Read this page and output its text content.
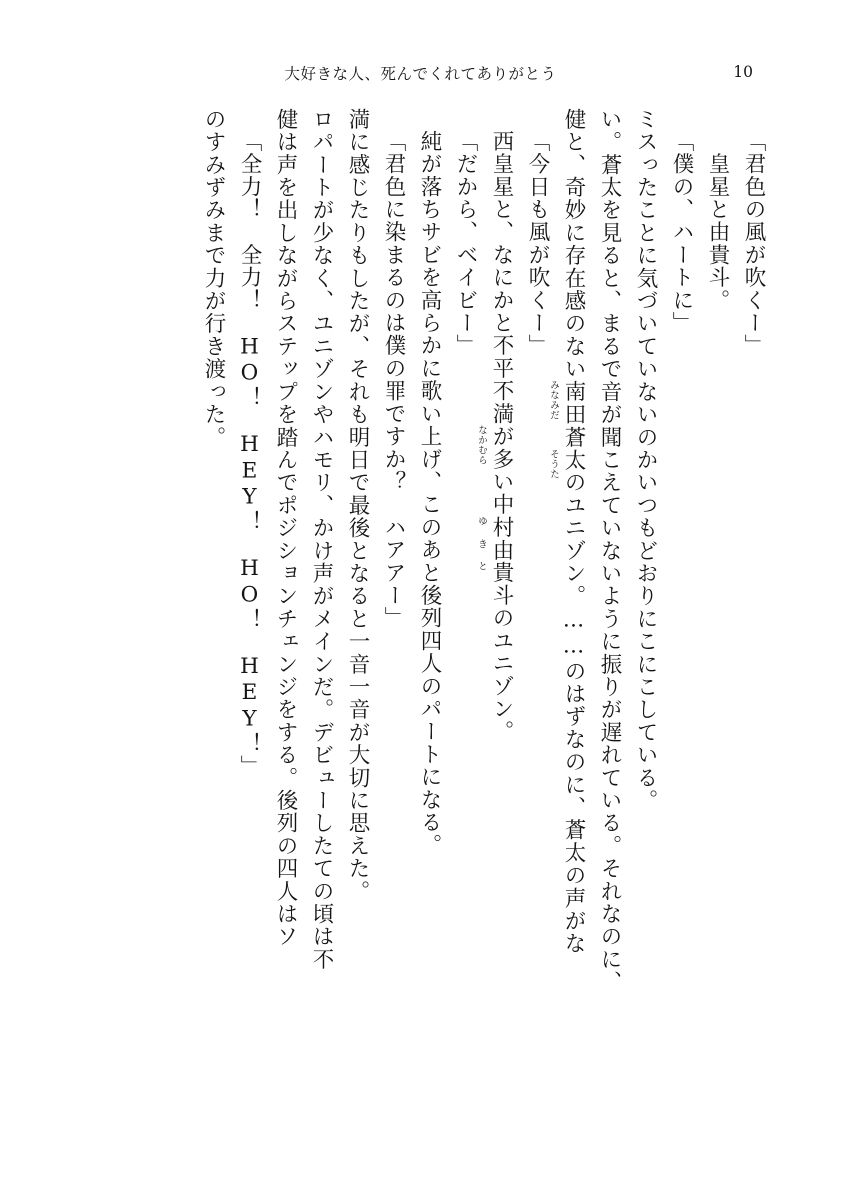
大好きな人、死んでくれてありがとう	10
のすみずみまで力が行き渡った。
「全力！　全力！　HO！　HEY！　HO！　HEY！」
健は声を出しながらステップを踏んでポジションチェンジをする。後列の四人はソ
ロパートが少なく、ユニゾンやハモリ、かけ声がメインだ。デビューしたての頃は不
満に感じたりもしたが、それも明日で最後となると一音一音が大切に思えた。
「君色に染まるのは僕の罪ですか？　ハアアー」
純が落ちサビを高らかに歌い上げ、このあと後列四人のパートになる。
「だから、ベイビー」
西皇星と、なにかと不平不満が
なかむら 多い中村
ゆ
由
き
貴
と
斗のユニゾン。
「今日も風が吹くー」
健と、奇妙に存在感のない南
みなみだ 田蒼太
そうた
のユニゾン。……のはずなのに、蒼太の声がな
い。蒼太を見ると、まるで音が聞こえていないように振りが遅れている。それなのに、
ミスったことに気づいていないのかいつもどおりにこにこしている。
「僕の、ハートに」
　皇星と由貴斗。
「君色の風が吹くー」
